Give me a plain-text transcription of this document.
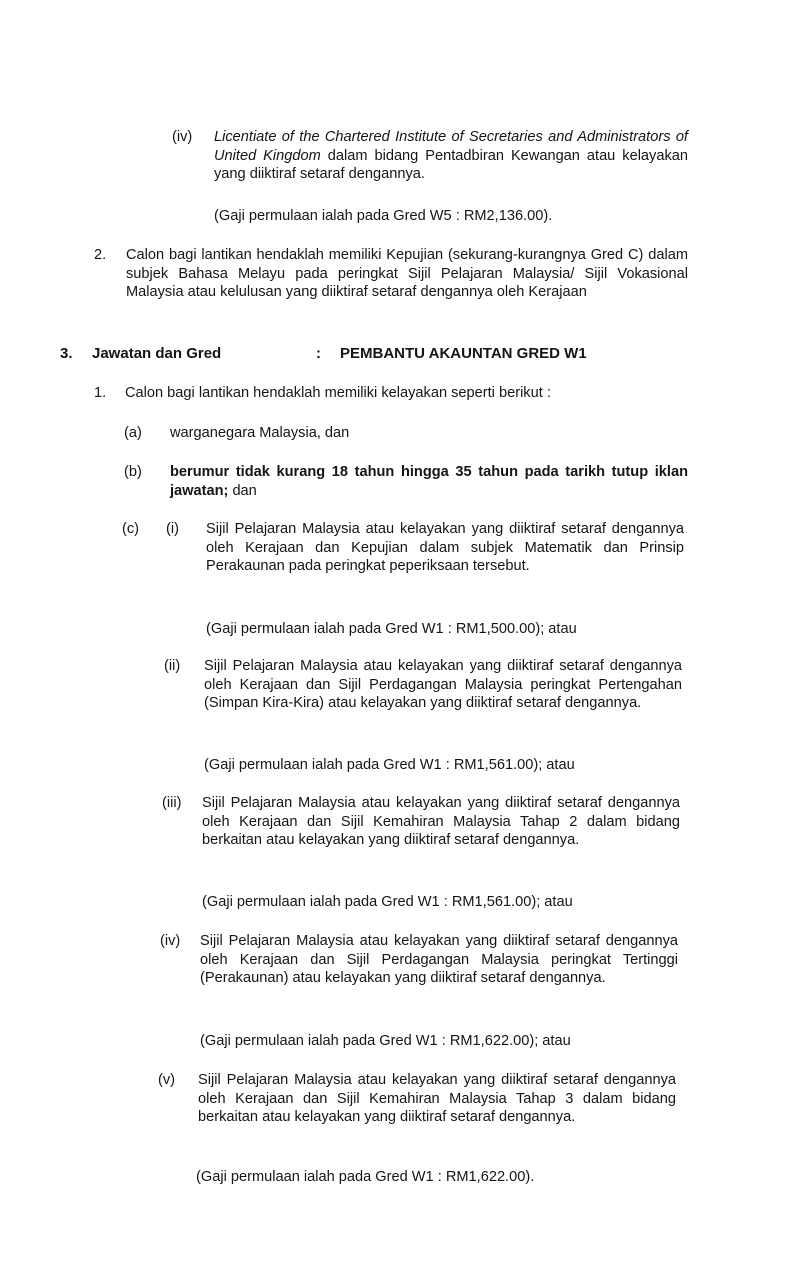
(iv) Licentiate of the Chartered Institute of Secretaries and Administrators of United Kingdom dalam bidang Pentadbiran Kewangan atau kelayakan yang diiktiraf setaraf dengannya.

(Gaji permulaan ialah pada Gred W5 : RM2,136.00).
2. Calon bagi lantikan hendaklah memiliki Kepujian (sekurang-kurangnya Gred C) dalam subjek Bahasa Melayu pada peringkat Sijil Pelajaran Malaysia/ Sijil Vokasional Malaysia atau kelulusan yang diiktiraf setaraf dengannya oleh Kerajaan

3. Jawatan dan Gred	: PEMBANTU AKAUNTAN GRED W1
1. Calon bagi lantikan hendaklah memiliki kelayakan seperti berikut :
(a) warganegara Malaysia, dan
(b) berumur tidak kurang 18 tahun hingga 35 tahun pada tarikh tutup iklan jawatan; dan

(c) (i) Sijil Pelajaran Malaysia atau kelayakan yang diiktiraf setaraf dengannya oleh Kerajaan dan Kepujian dalam subjek Matematik dan Prinsip Perakaunan pada peringkat peperiksaan tersebut.

(Gaji permulaan ialah pada Gred W1 : RM1,500.00); atau
(ii) Sijil Pelajaran Malaysia atau kelayakan yang diiktiraf setaraf dengannya oleh Kerajaan dan Sijil Perdagangan Malaysia peringkat Pertengahan (Simpan Kira-Kira) atau kelayakan yang diiktiraf setaraf dengannya.

(Gaji permulaan ialah pada Gred W1 : RM1,561.00); atau
(iii) Sijil Pelajaran Malaysia atau kelayakan yang diiktiraf setaraf dengannya oleh Kerajaan dan Sijil Kemahiran Malaysia Tahap 2 dalam bidang berkaitan atau kelayakan yang diiktiraf setaraf dengannya.

(Gaji permulaan ialah pada Gred W1 : RM1,561.00); atau
(iv) Sijil Pelajaran Malaysia atau kelayakan yang diiktiraf setaraf dengannya oleh Kerajaan dan Sijil Perdagangan Malaysia peringkat Tertinggi (Perakaunan) atau kelayakan yang diiktiraf setaraf dengannya.

(Gaji permulaan ialah pada Gred W1 : RM1,622.00); atau
(v) Sijil Pelajaran Malaysia atau kelayakan yang diiktiraf setaraf dengannya oleh Kerajaan dan Sijil Kemahiran Malaysia Tahap 3 dalam bidang berkaitan atau kelayakan yang diiktiraf setaraf dengannya.

(Gaji permulaan ialah pada Gred W1 : RM1,622.00).
